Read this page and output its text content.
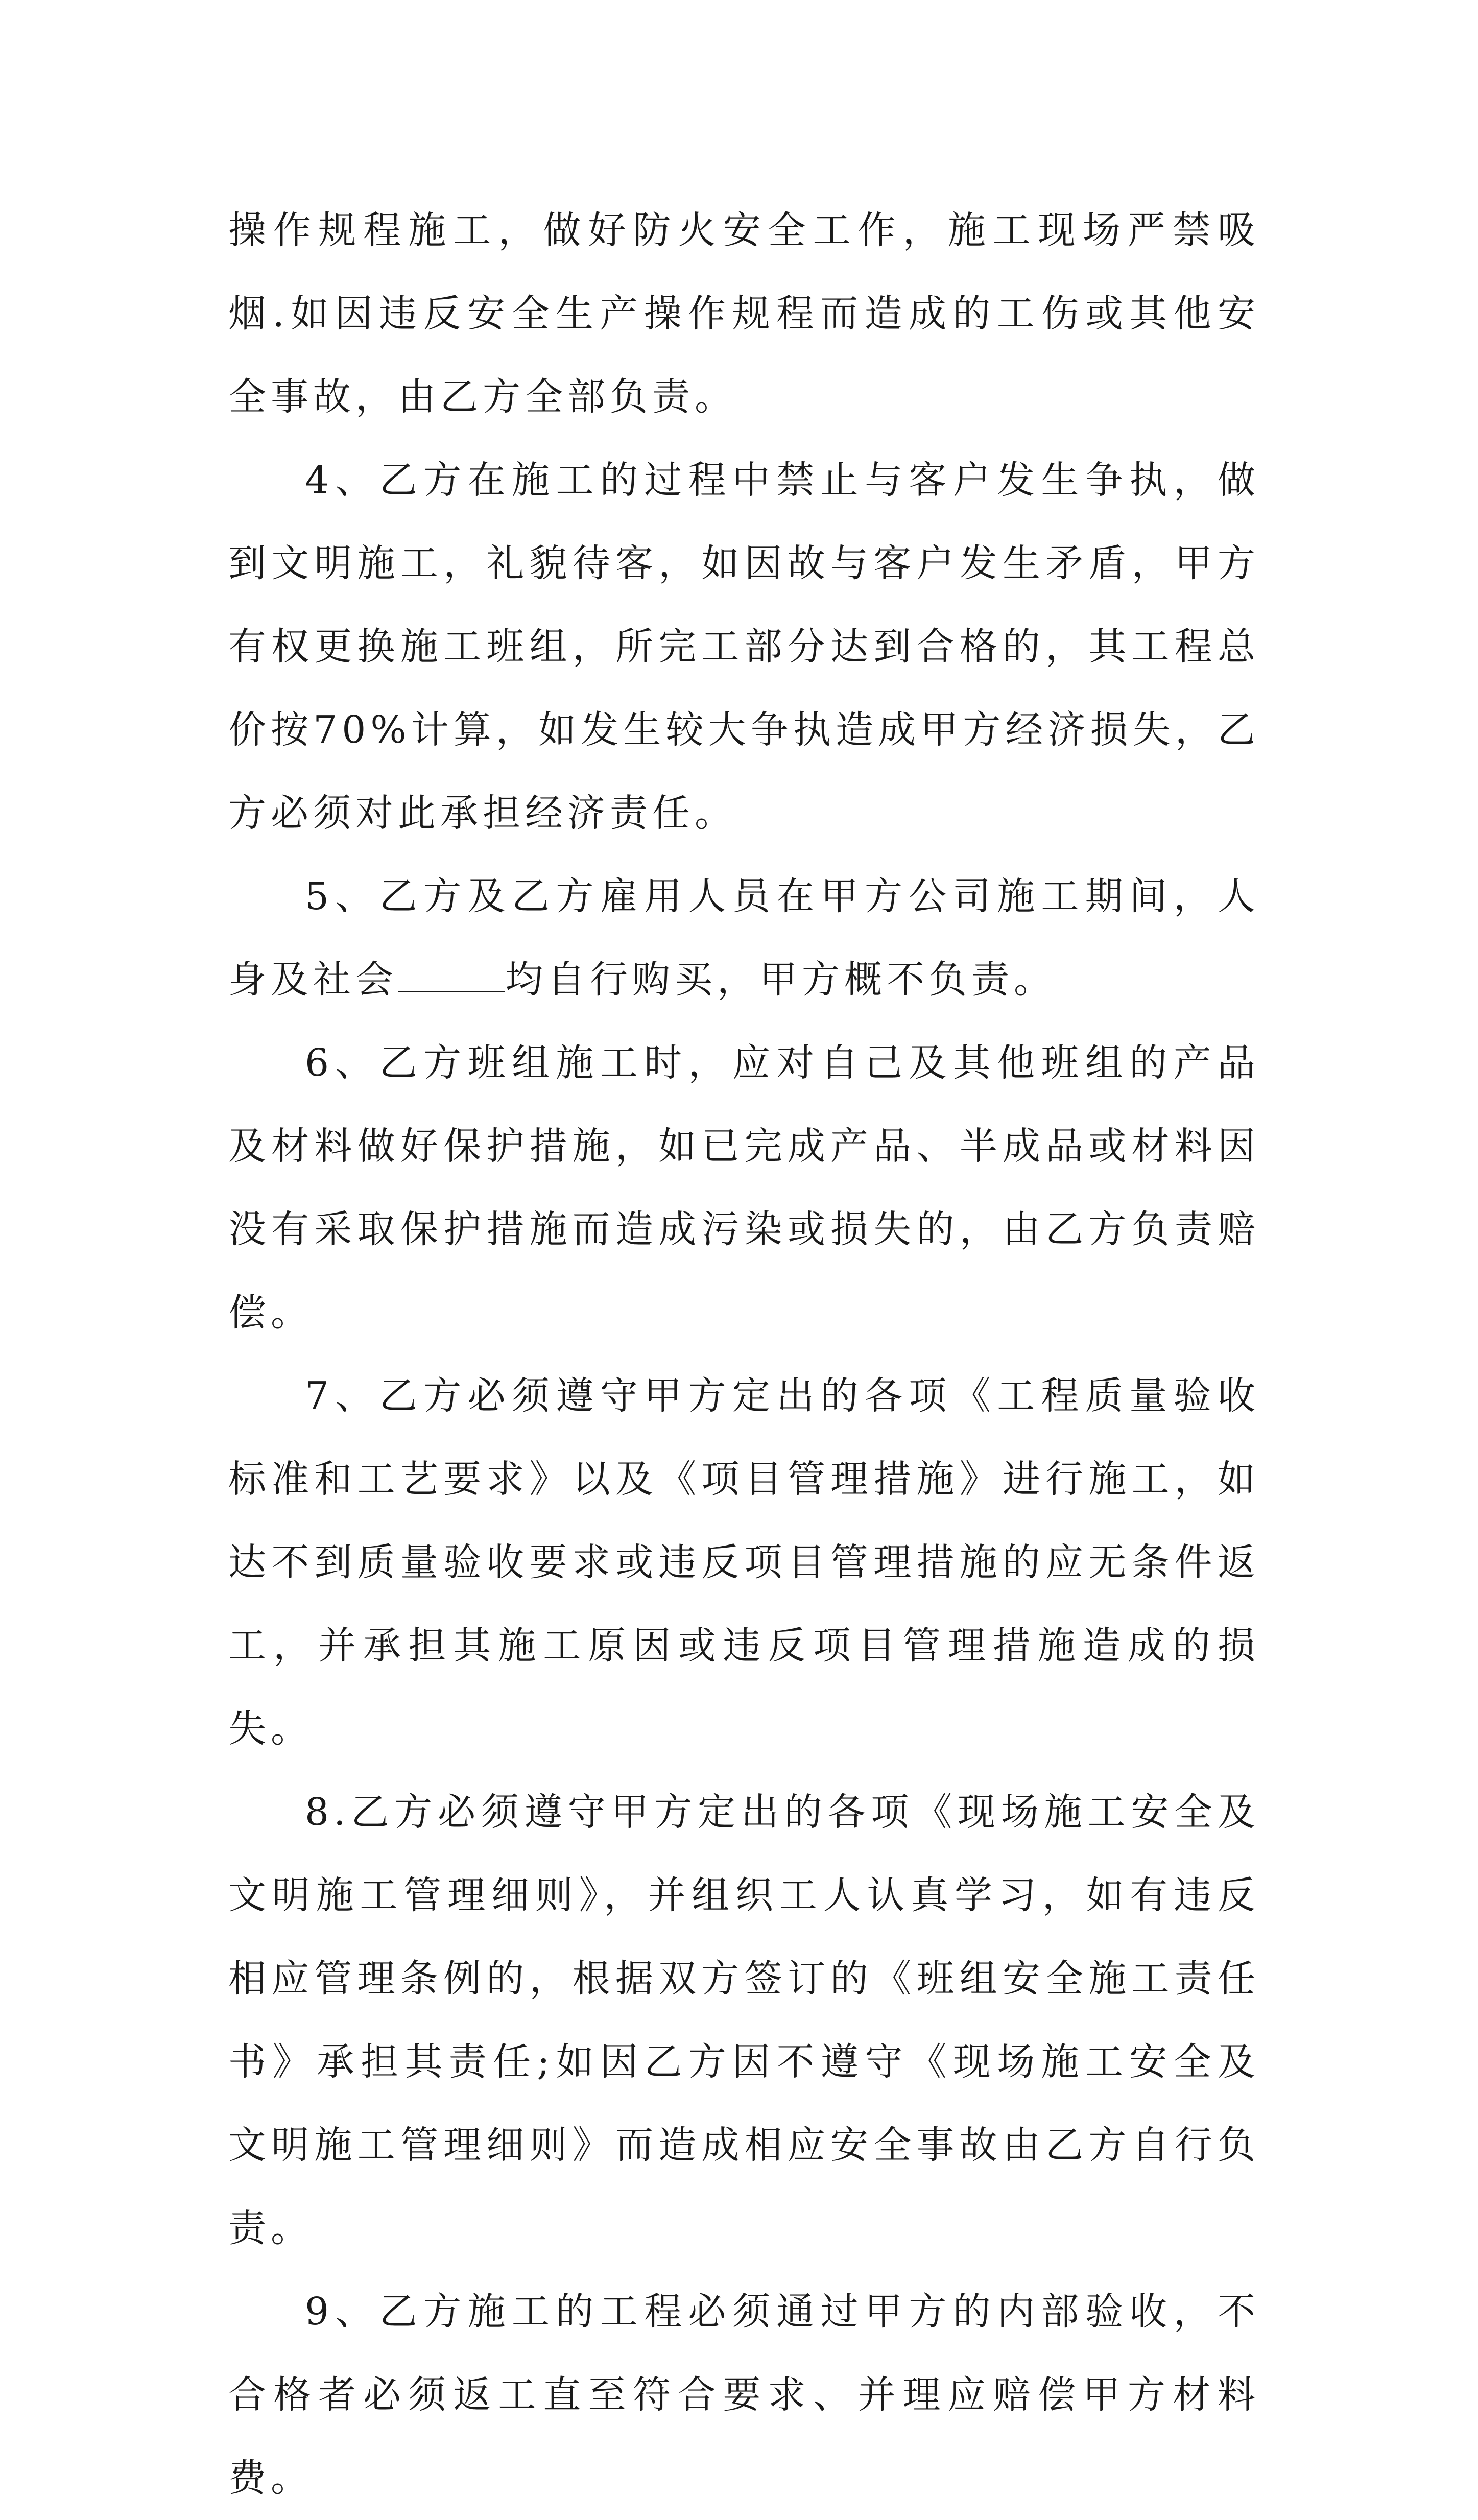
操作规程施工，做好防火安全工作，施工现场严禁吸烟.如因违反安全生产操作规程而造成的工伤或其他安全事故，由乙方全部负责。

4、乙方在施工的过程中禁止与客户发生争执，做到文明施工，礼貌待客，如因故与客户发生矛盾，甲方有权更换施工班组，所完工部分达到合格的，其工程总价按70%计算，如发生较大争执造成甲方经济损失，乙方必须对此承担经济责任。

5、乙方及乙方雇用人员在甲方公司施工期间，人身及社会	均自行购买，甲方概不负责。

6、乙方班组施工时，应对自己及其他班组的产品及材料做好保护措施，如已完成产品、半成品或材料因没有采取保护措施而造成污染或损失的，由乙方负责赔偿。

7、乙方必须遵守甲方定出的各项《工程质量验收标准和工艺要求》以及《项目管理措施》进行施工，如达不到质量验收要求或违反项目管理措施的应无条件返工，并承担其施工原因或违反项目管理措施造成的损失。

8.乙方必须遵守甲方定出的各项《现场施工安全及文明施工管理细则》，并组织工人认真学习，如有违反相应管理条例的，根据双方签订的《班组安全施工责任书》承担其责任;如因乙方因不遵守《现场施工安全及文明施工管理细则》而造成相应安全事故由乙方自行负责。

9、乙方施工的工程必须通过甲方的内部验收，不合格者必须返工直至符合要求、并理应赔偿甲方材料费。
